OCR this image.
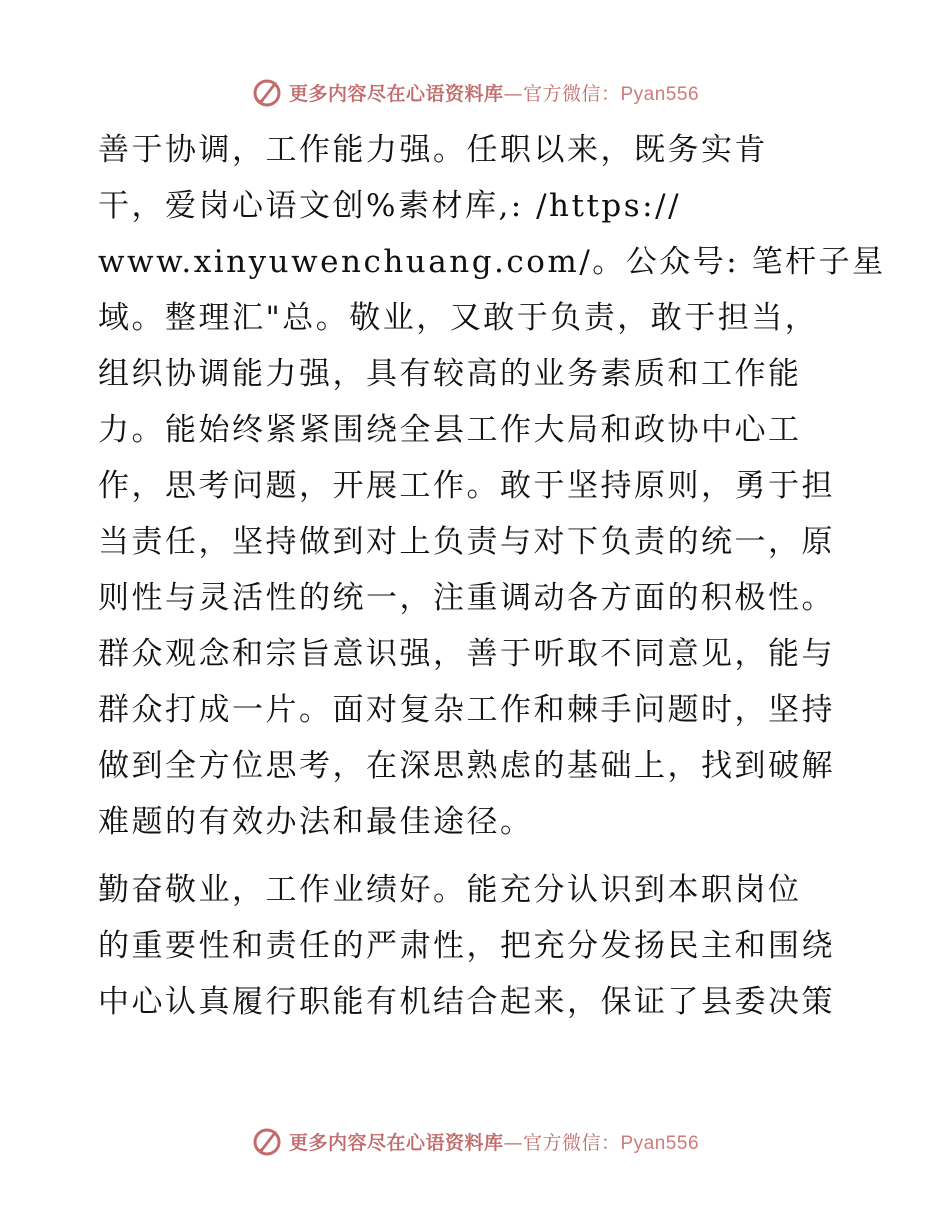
更多内容尽在心语资料库—官方微信：Pyan556
善于协调，工作能力强。任职以来，既务实肯
干，爱岗心语文创%素材库,: /https://
www.xinyuwenchuang.com/。公众号: 笔杆子星
域。整理汇"总。敬业，又敢于负责，敢于担当，
组织协调能力强，具有较高的业务素质和工作能
力。能始终紧紧围绕全县工作大局和政协中心工
作，思考问题，开展工作。敢于坚持原则，勇于担
当责任，坚持做到对上负责与对下负责的统一，原
则性与灵活性的统一，注重调动各方面的积极性。
群众观念和宗旨意识强，善于听取不同意见，能与
群众打成一片。面对复杂工作和棘手问题时，坚持
做到全方位思考，在深思熟虑的基础上，找到破解
难题的有效办法和最佳途径。
勤奋敬业，工作业绩好。能充分认识到本职岗位
的重要性和责任的严肃性，把充分发扬民主和围绕
中心认真履行职能有机结合起来，保证了县委决策
更多内容尽在心语资料库—官方微信：Pyan556
